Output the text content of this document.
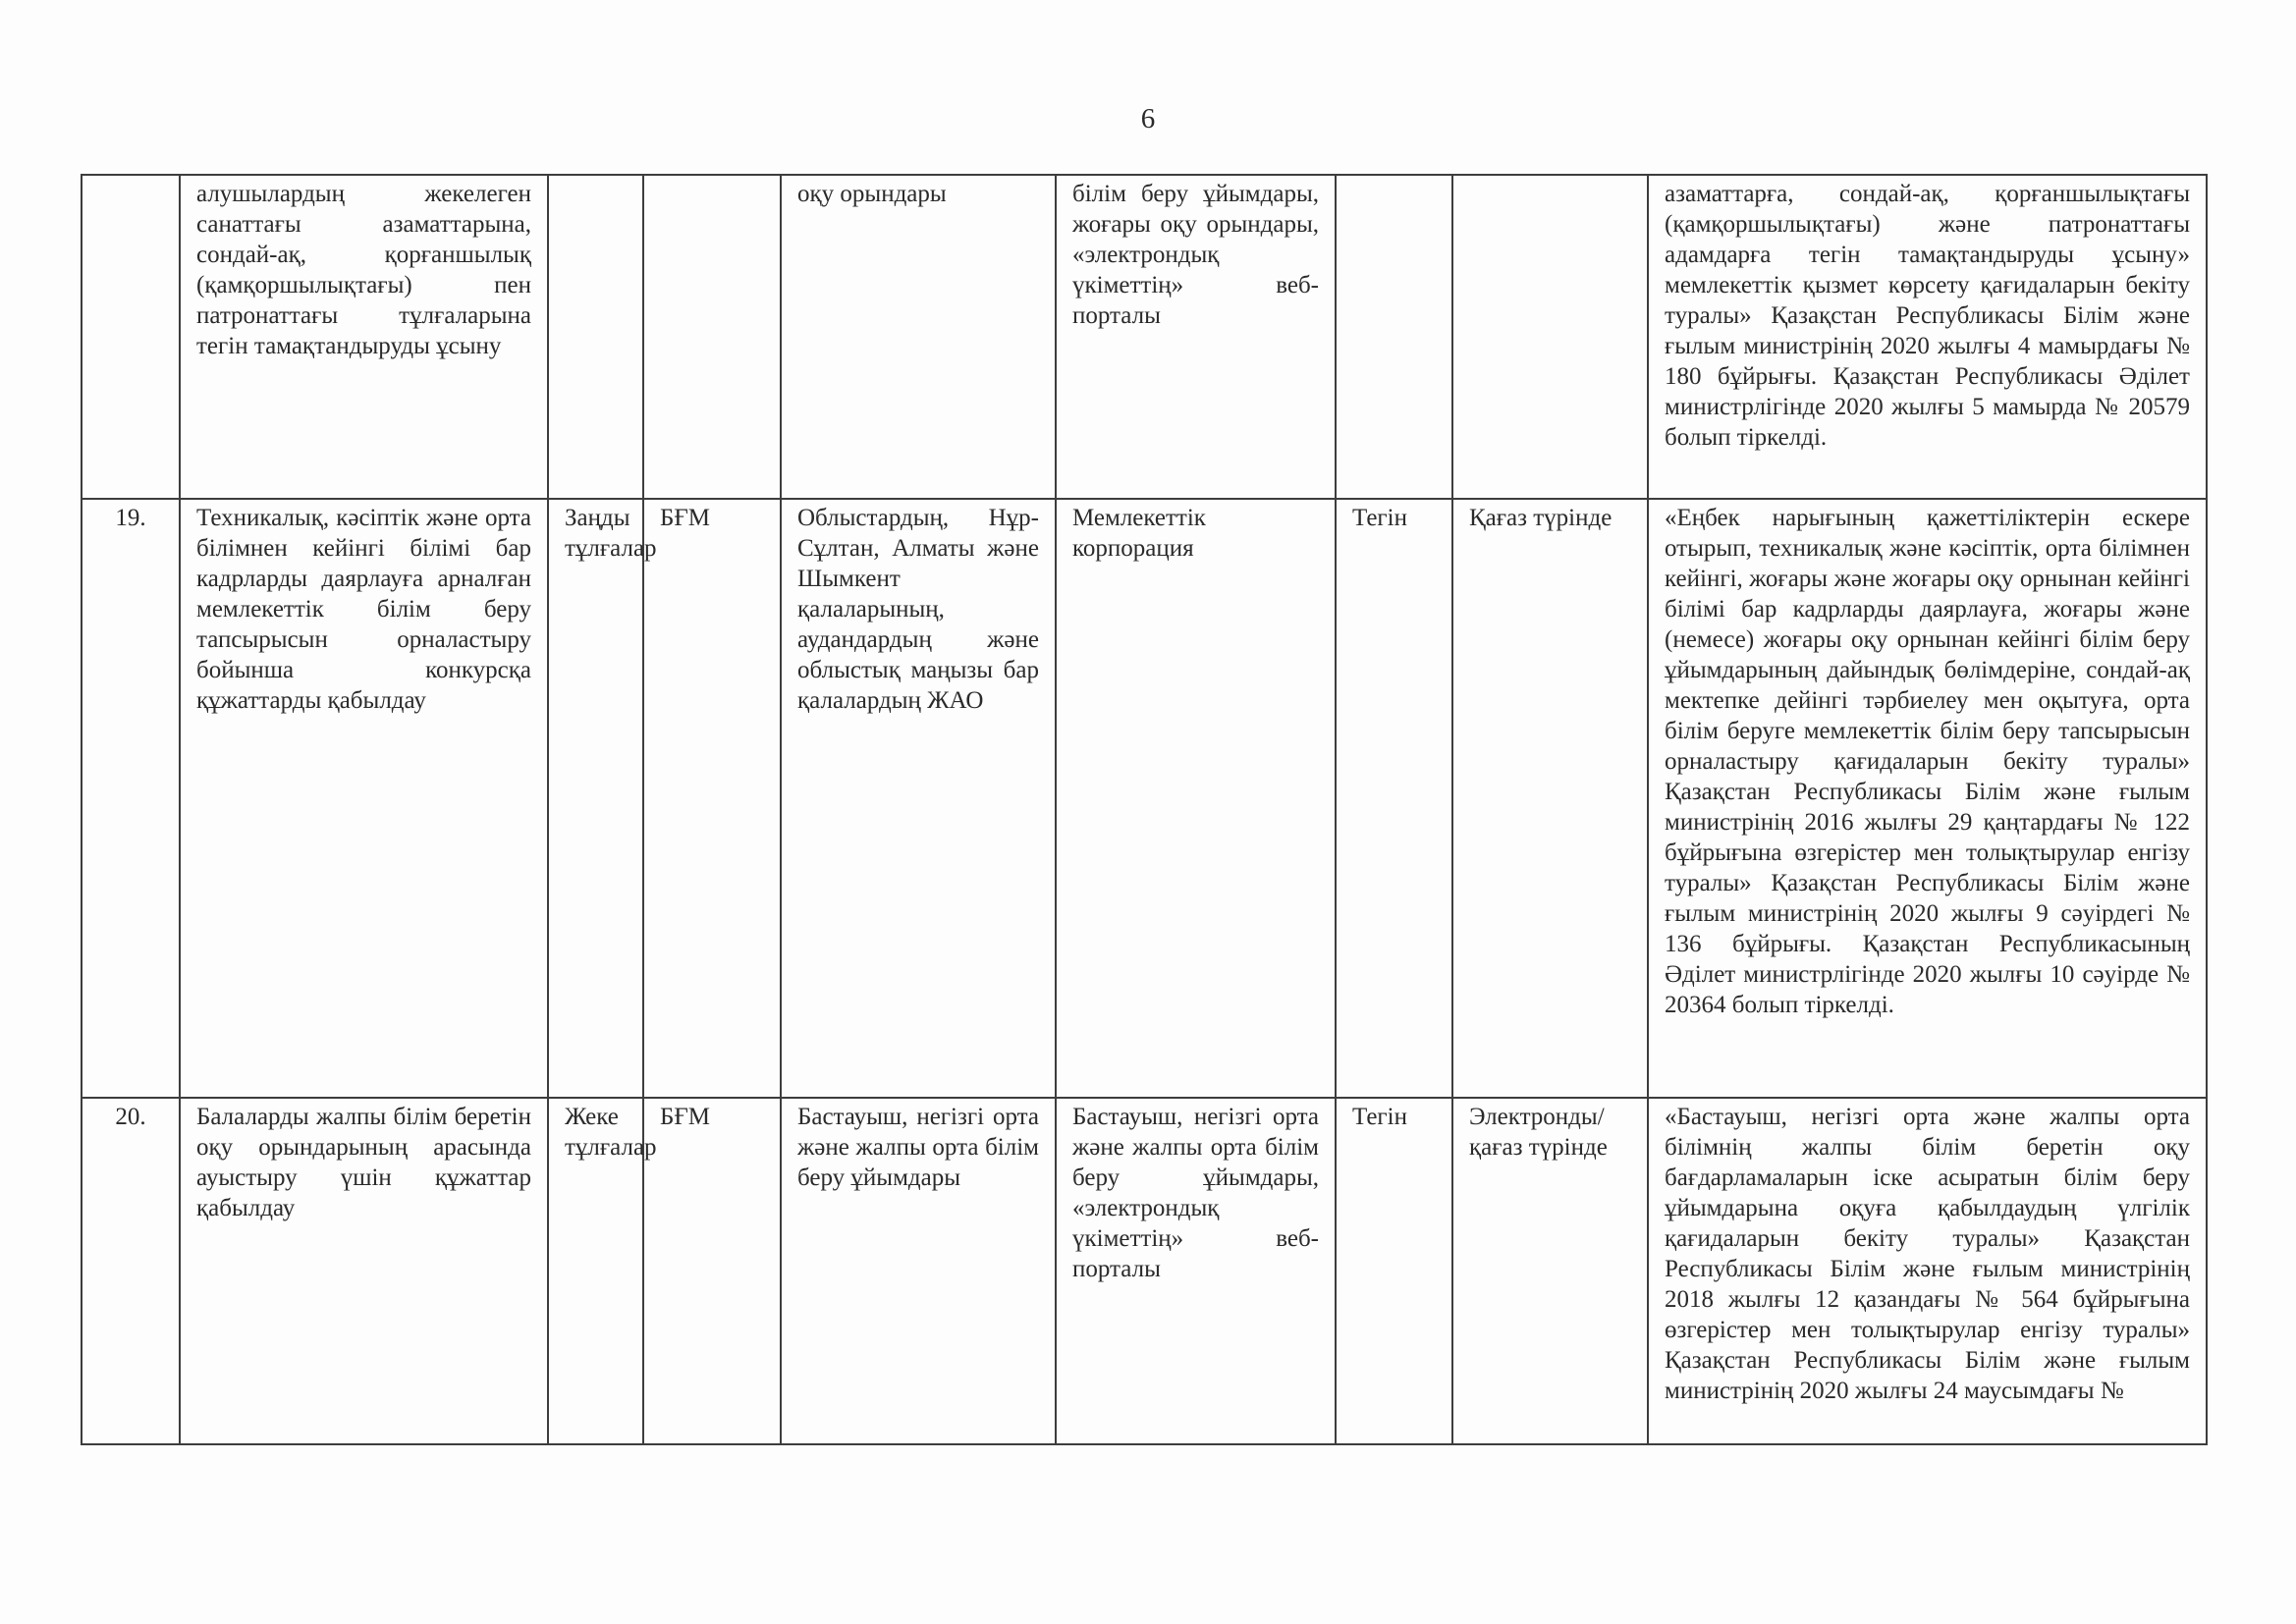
6
	алушылардың жекелеген санаттағы азаматтарына, сондай-ақ, қорғаншылық (қамқоршылықтағы) пен патронаттағы тұлғаларына тегін тамақтандыруды ұсыну			оқу орындары	білім беру ұйымдары, жоғары оқу орындары, «электрондық үкіметтің» веб-порталы			азаматтарға, сондай-ақ, қорғаншылықтағы (қамқоршылықтағы) және патронаттағы адамдарға тегін тамақтандыруды ұсыну» мемлекеттік қызмет көрсету қағидаларын бекіту туралы» Қазақстан Республикасы Білім және ғылым министрінің 2020 жылғы 4 мамырдағы № 180 бұйрығы. Қазақстан Республикасы Әділет министрлігінде 2020 жылғы 5 мамырда № 20579 болып тіркелді.
19.	Техникалық, кәсіптік және орта білімнен кейінгі білімі бар кадрларды даярлауға арналған мемлекеттік білім беру тапсырысын орналастыру бойынша конкурсқа құжаттарды қабылдау	Заңды тұлғалар	БҒМ	Облыстардың, Нұр-Сұлтан, Алматы және Шымкент қалаларының, аудандардың және облыстық маңызы бар қалалардың ЖАО	Мемлекеттік корпорация	Тегін	Қағаз түрінде	«Еңбек нарығының қажеттіліктерін ескере отырып, техникалық және кәсіптік, орта білімнен кейінгі, жоғары және жоғары оқу орнынан кейінгі білімі бар кадрларды даярлауға, жоғары және (немесе) жоғары оқу орнынан кейінгі білім беру ұйымдарының дайындық бөлімдеріне, сондай-ақ мектепке дейінгі тәрбиелеу мен оқытуға, орта білім беруге мемлекеттік білім беру тапсырысын орналастыру қағидаларын бекіту туралы» Қазақстан Республикасы Білім және ғылым министрінің 2016 жылғы 29 қаңтардағы № 122 бұйрығына өзгерістер мен толықтырулар енгізу туралы» Қазақстан Республикасы Білім және ғылым министрінің 2020 жылғы 9 сәуірдегі № 136 бұйрығы. Қазақстан Республикасының Әділет министрлігінде 2020 жылғы 10 сәуірде № 20364 болып тіркелді.
20.	Балаларды жалпы білім беретін оқу орындарының арасында ауыстыру үшін құжаттар қабылдау	Жеке тұлғалар	БҒМ	Бастауыш, негізгі орта және жалпы орта білім беру ұйымдары	Бастауыш, негізгі орта және жалпы орта білім беру ұйымдары, «электрондық үкіметтің» веб-порталы	Тегін	Электронды/ қағаз түрінде	«Бастауыш, негізгі орта және жалпы орта білімнің жалпы білім беретін оқу бағдарламаларын іске асыратын білім беру ұйымдарына оқуға қабылдаудың үлгілік қағидаларын бекіту туралы» Қазақстан Республикасы Білім және ғылым министрінің 2018 жылғы 12 қазандағы № 564 бұйрығына өзгерістер мен толықтырулар енгізу туралы» Қазақстан Республикасы Білім және ғылым министрінің 2020 жылғы 24 маусымдағы №
